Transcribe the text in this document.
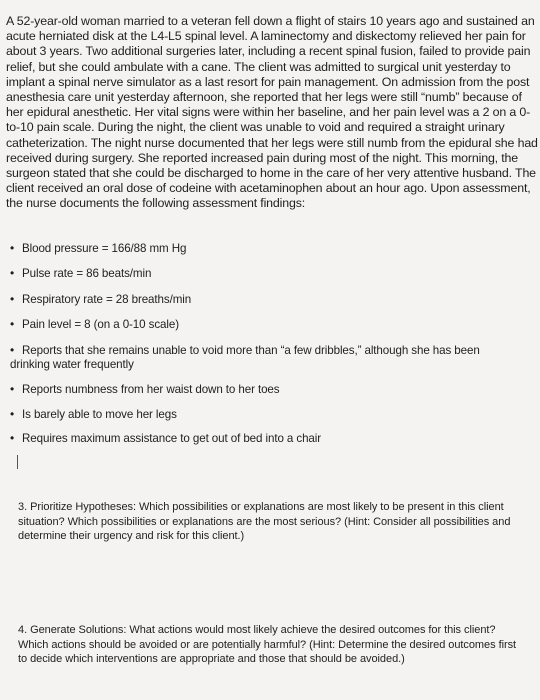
A 52-year-old woman married to a veteran fell down a flight of stairs 10 years ago and sustained an acute herniated disk at the L4-L5 spinal level. A laminectomy and diskectomy relieved her pain for about 3 years. Two additional surgeries later, including a recent spinal fusion, failed to provide pain relief, but she could ambulate with a cane. The client was admitted to surgical unit yesterday to implant a spinal nerve simulator as a last resort for pain management. On admission from the post anesthesia care unit yesterday afternoon, she reported that her legs were still “numb” because of her epidural anesthetic. Her vital signs were within her baseline, and her pain level was a 2 on a 0-to-10 pain scale. During the night, the client was unable to void and required a straight urinary catheterization. The night nurse documented that her legs were still numb from the epidural she had received during surgery. She reported increased pain during most of the night. This morning, the surgeon stated that she could be discharged to home in the care of her very attentive husband. The client received an oral dose of codeine with acetaminophen about an hour ago. Upon assessment, the nurse documents the following assessment findings:

• Blood pressure = 166/88 mm Hg
• Pulse rate = 86 beats/min
• Respiratory rate = 28 breaths/min
• Pain level = 8 (on a 0-10 scale)
• Reports that she remains unable to void more than “a few dribbles,” although she has been drinking water frequently
• Reports numbness from her waist down to her toes
• Is barely able to move her legs
• Requires maximum assistance to get out of bed into a chair

3. Prioritize Hypotheses: Which possibilities or explanations are most likely to be present in this client situation? Which possibilities or explanations are the most serious? (Hint: Consider all possibilities and determine their urgency and risk for this client.)

4. Generate Solutions: What actions would most likely achieve the desired outcomes for this client? Which actions should be avoided or are potentially harmful? (Hint: Determine the desired outcomes first to decide which interventions are appropriate and those that should be avoided.)
